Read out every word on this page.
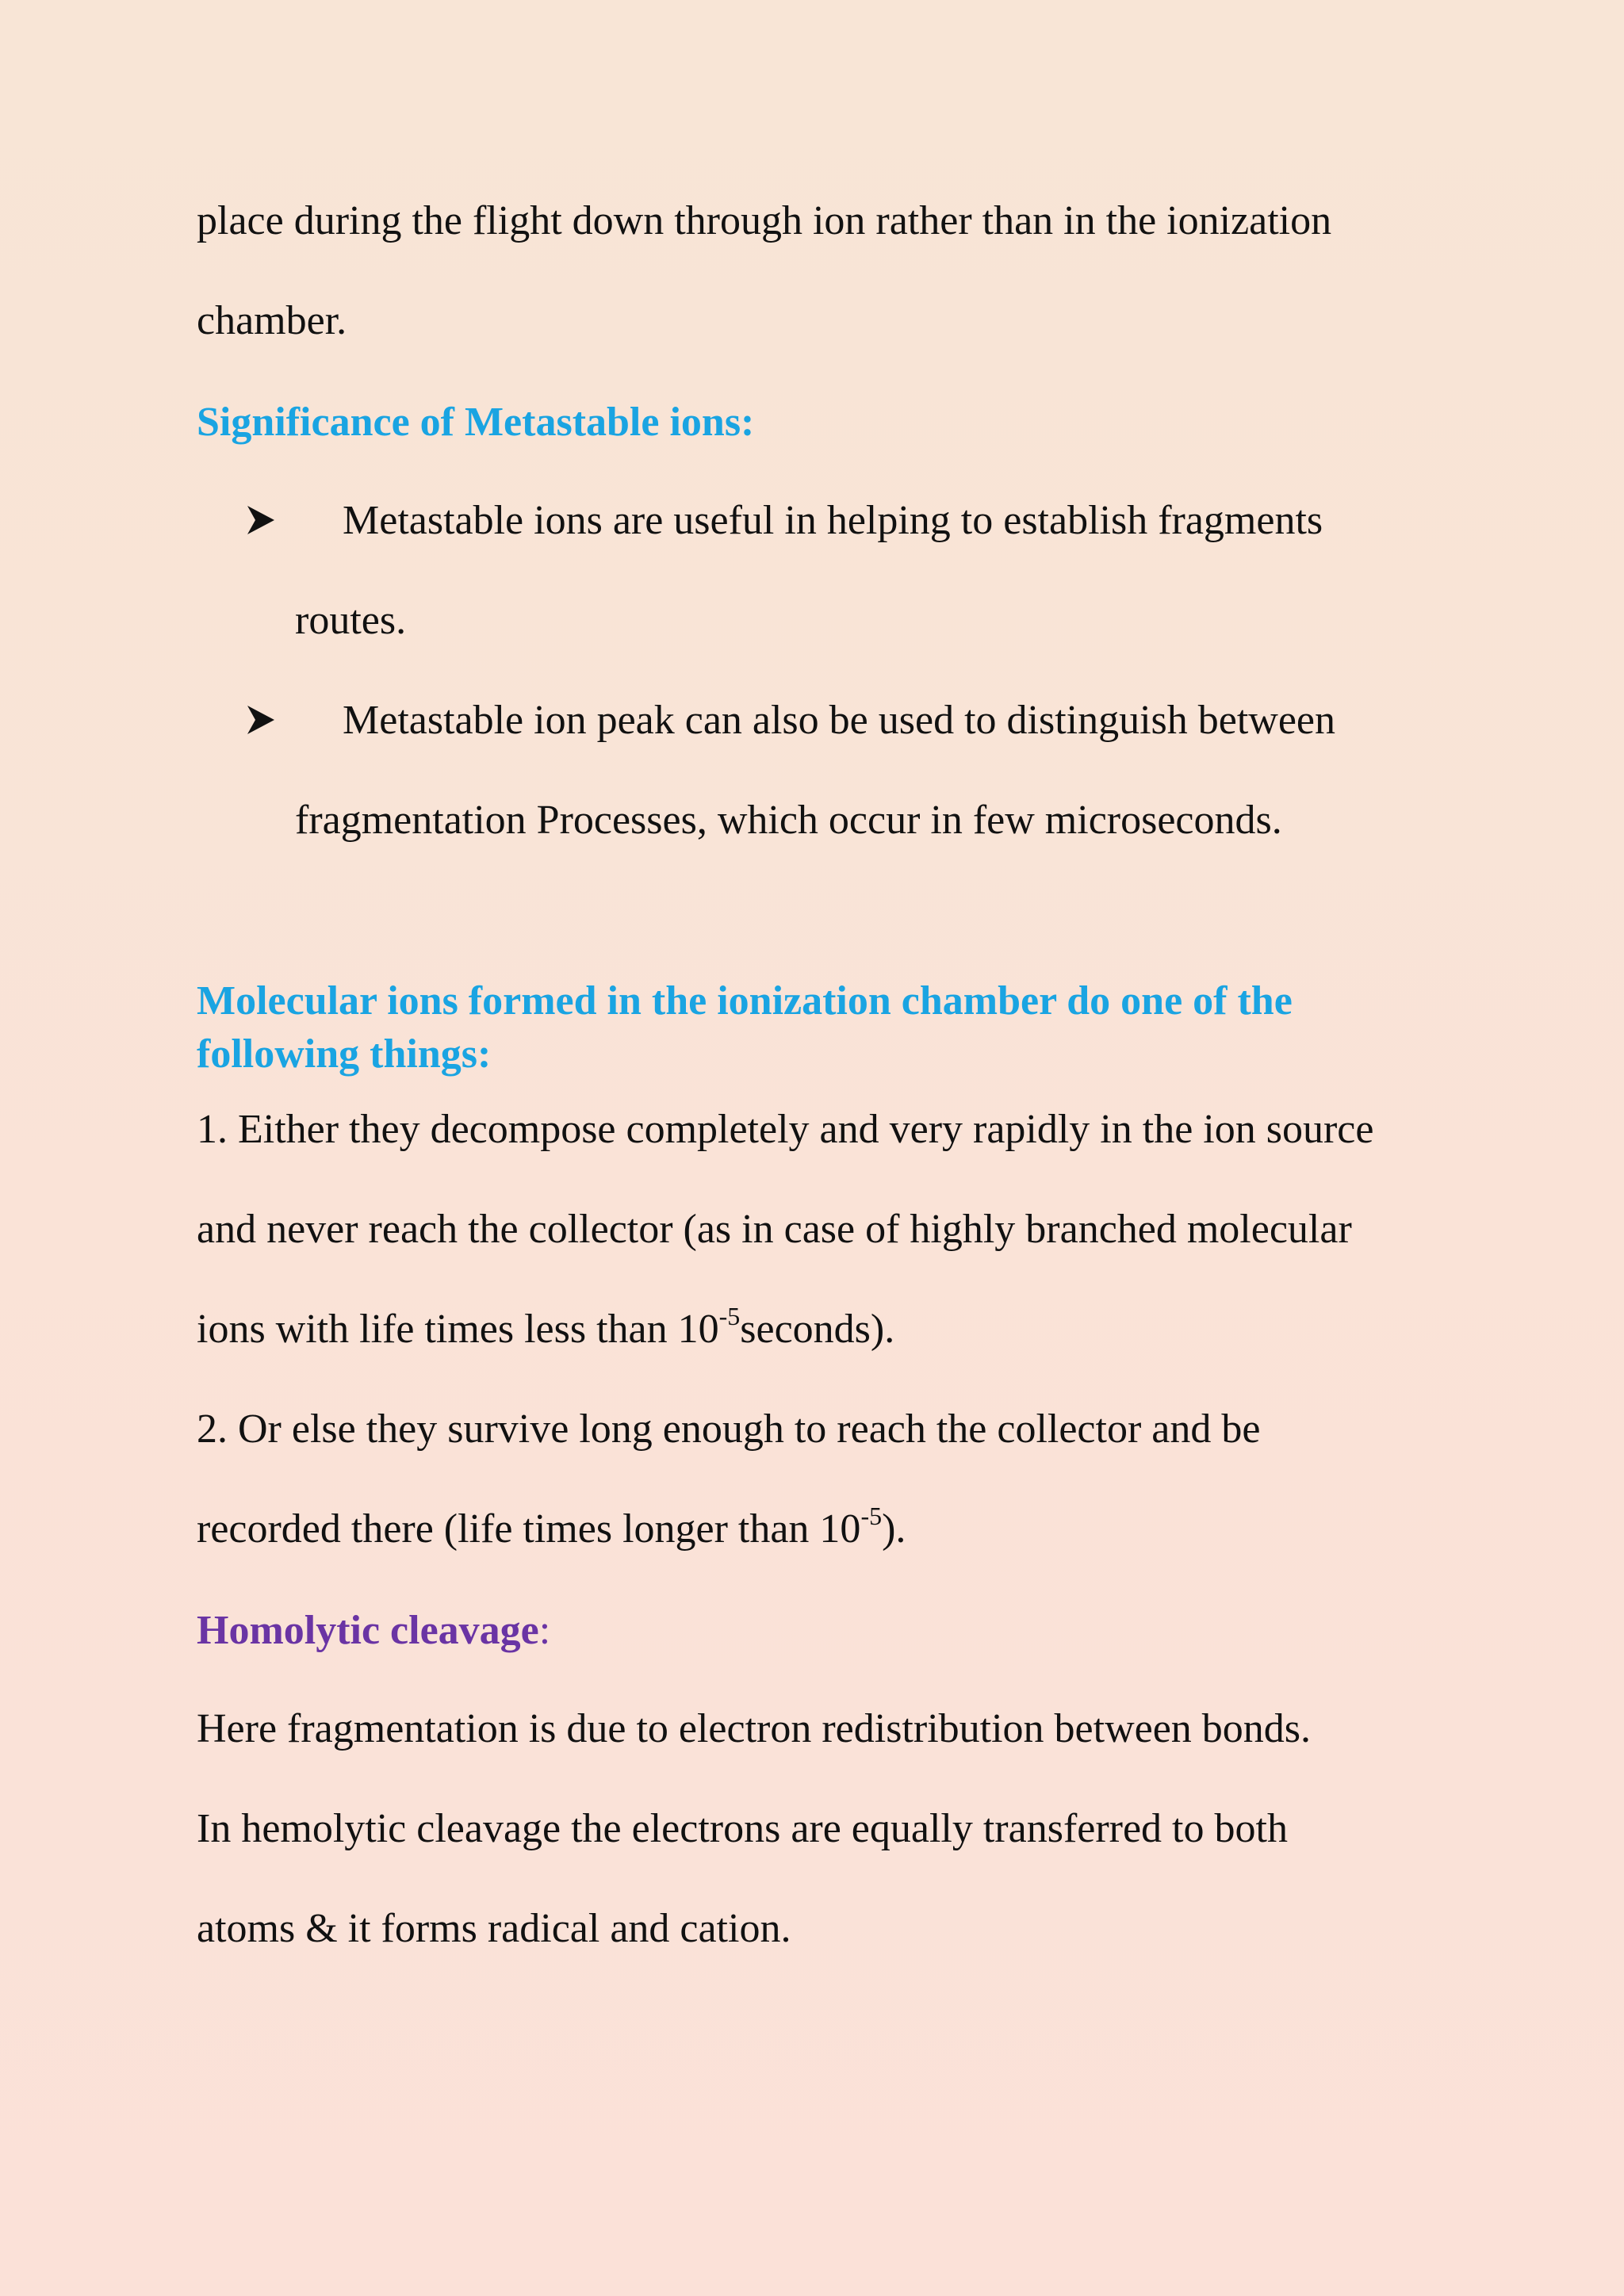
place during the flight down through ion rather than in the ionization

chamber.

Significance of Metastable ions:
Metastable ions are useful in helping to establish fragments

routes.

Metastable ion peak can also be used to distinguish between

fragmentation Processes, which occur in few microseconds.

Molecular ions formed in the ionization chamber do one of the
following things:

1. Either they decompose completely and very rapidly in the ion source

and never reach the collector (as in case of highly branched molecular

ions with life times less than $10^{-5}seconds$).

2. Or else they survive long enough to reach the collector and be

recorded there (life times longer than $10^{-5}$).

Homolytic cleavage:

Here fragmentation is due to electron redistribution between bonds.

In hemolytic cleavage the electrons are equally transferred to both

atoms & it forms radical and cation.
